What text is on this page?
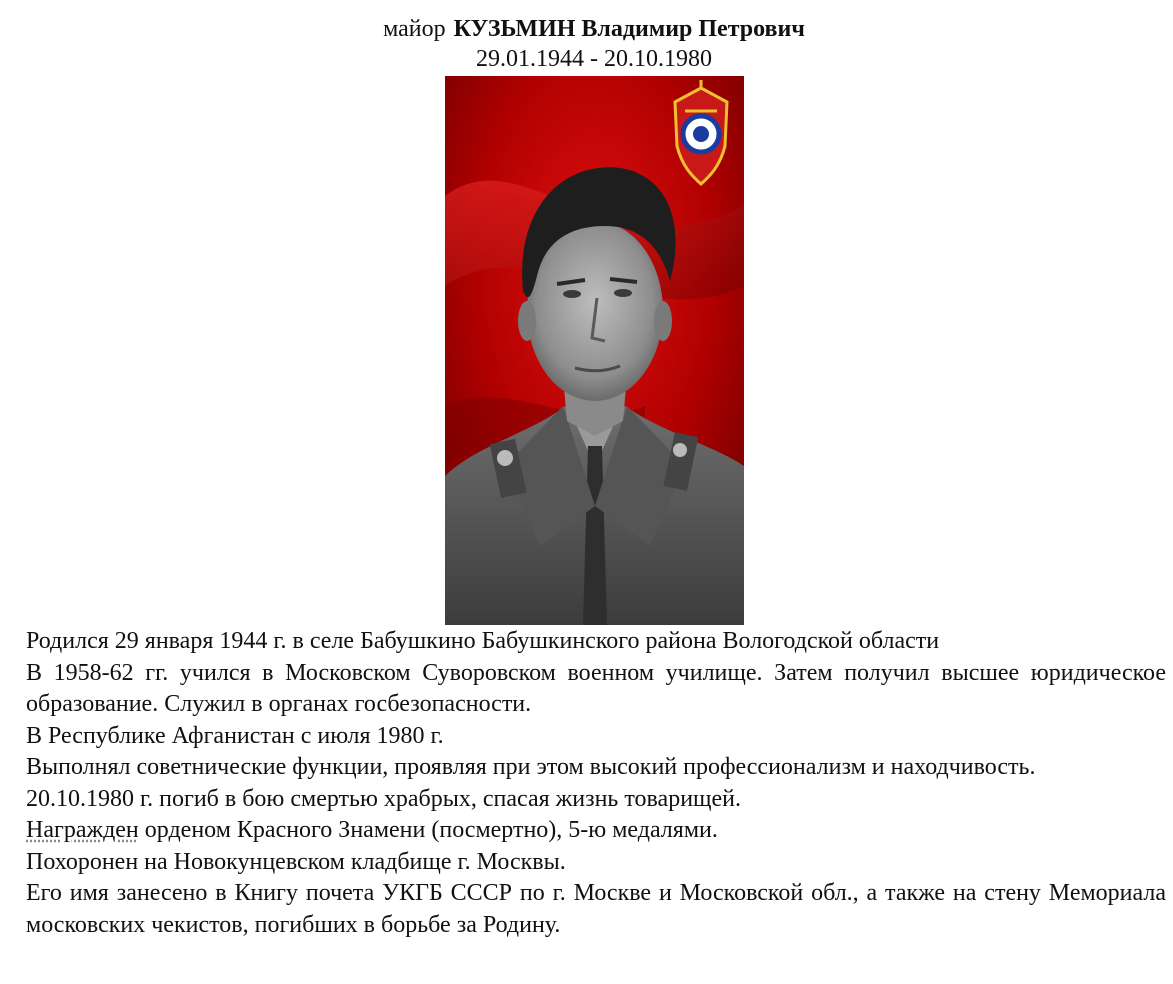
майор КУЗЬМИН Владимир Петрович
29.01.1944 - 20.10.1980

Родился 29 января 1944 г. в селе Бабушкино Бабушкинского района Вологодской области

В 1958-62 гг. учился в Московском Суворовском военном училище. Затем получил высшее юридическое образование. Служил в органах госбезопасности.

В Республике Афганистан с июля 1980 г.

Выполнял советнические функции, проявляя при этом высокий профессионализм и находчивость.

20.10.1980 г. погиб в бою смертью храбрых, спасая жизнь товарищей.

Награжден орденом Красного Знамени (посмертно), 5-ю медалями.

Похоронен на Новокунцевском кладбище г. Москвы.

Его имя занесено в Книгу почета УКГБ СССР по г. Москве и Московской обл., а также на стену Мемориала московских чекистов, погибших в борьбе за Родину.
